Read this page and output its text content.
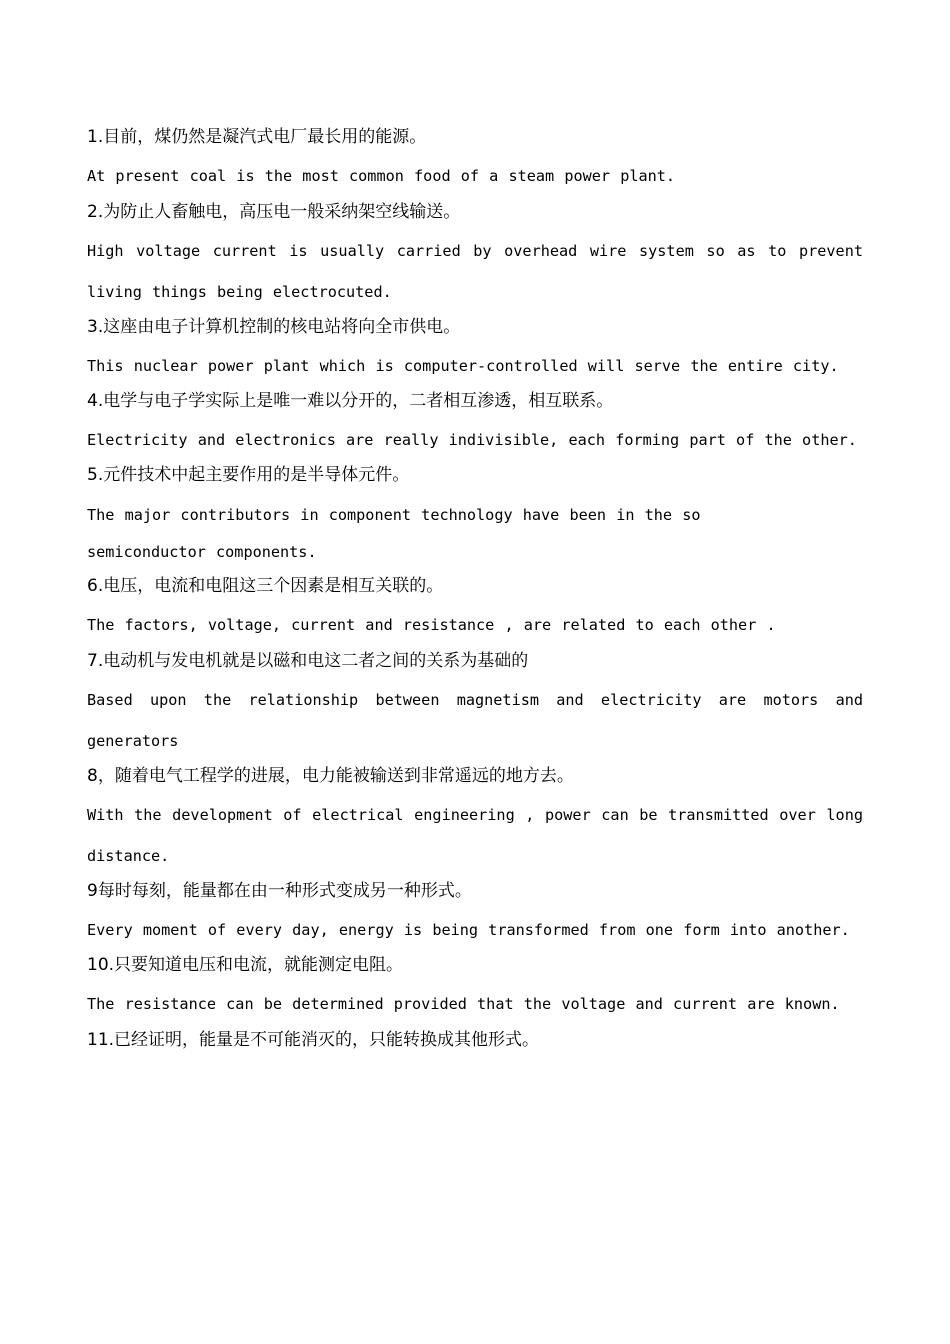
1.目前，煤仍然是凝汽式电厂最长用的能源。
At present coal is the most common food of a steam power plant.
2.为防止人畜触电，高压电一般采纳架空线输送。
High voltage current is usually carried by overhead wire system so as to prevent living things being electrocuted.
3.这座由电子计算机控制的核电站将向全市供电。
This nuclear power plant which is computer-controlled will serve the entire city.
4.电学与电子学实际上是唯一难以分开的，二者相互渗透，相互联系。
Electricity and electronics are really indivisible, each forming part of the other.
5.元件技术中起主要作用的是半导体元件。
The major contributors in component technology have been in the so semiconductor components.
6.电压，电流和电阻这三个因素是相互关联的。
The factors, voltage, current and resistance , are related to each other .
7.电动机与发电机就是以磁和电这二者之间的关系为基础的
Based upon the relationship between magnetism and electricity are motors and generators
8，随着电气工程学的进展，电力能被输送到非常遥远的地方去。
With the development of electrical engineering , power can be transmitted over long distance.
9每时每刻，能量都在由一种形式变成另一种形式。
Every moment of every day, energy is being transformed from one form into another.
10.只要知道电压和电流，就能测定电阻。
The resistance can be determined provided that the voltage and current are known.
11.已经证明，能量是不可能消灭的，只能转换成其他形式。
